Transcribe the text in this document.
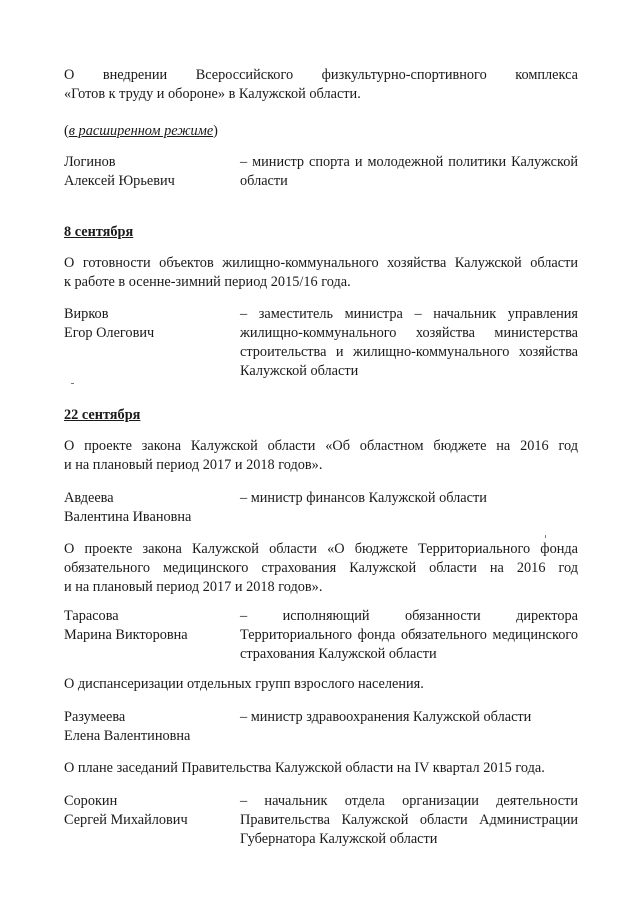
О внедрении Всероссийского физкультурно-спортивного комплекса
«Готов к труду и обороне» в Калужской области.
(в расширенном режиме)
Логинов
Алексей Юрьевич
– министр спорта и молодежной политики Калужской
области
8 сентября
О готовности объектов жилищно-коммунального хозяйства Калужской области
к работе в осенне-зимний период 2015/16 года.
Вирков
Егор Олегович
– заместитель министра – начальник управления
жилищно-коммунального хозяйства министерства
строительства и жилищно-коммунального хозяйства
Калужской области
22 сентября
О проекте закона Калужской области «Об областном бюджете на 2016 год
и на плановый период 2017 и 2018 годов».
Авдеева
Валентина Ивановна
– министр финансов Калужской области
О проекте закона Калужской области «О бюджете Территориального фонда
обязательного медицинского страхования Калужской области на 2016 год
и на плановый период 2017 и 2018 годов».
Тарасова
Марина Викторовна
– исполняющий обязанности директора
Территориального фонда обязательного медицинского
страхования Калужской области
О диспансеризации отдельных групп взрослого населения.
Разумеева
Елена Валентиновна
– министр здравоохранения Калужской области
О плане заседаний Правительства Калужской области на IV квартал 2015 года.
Сорокин
Сергей Михайлович
– начальник отдела организации деятельности
Правительства Калужской области Администрации
Губернатора Калужской области
